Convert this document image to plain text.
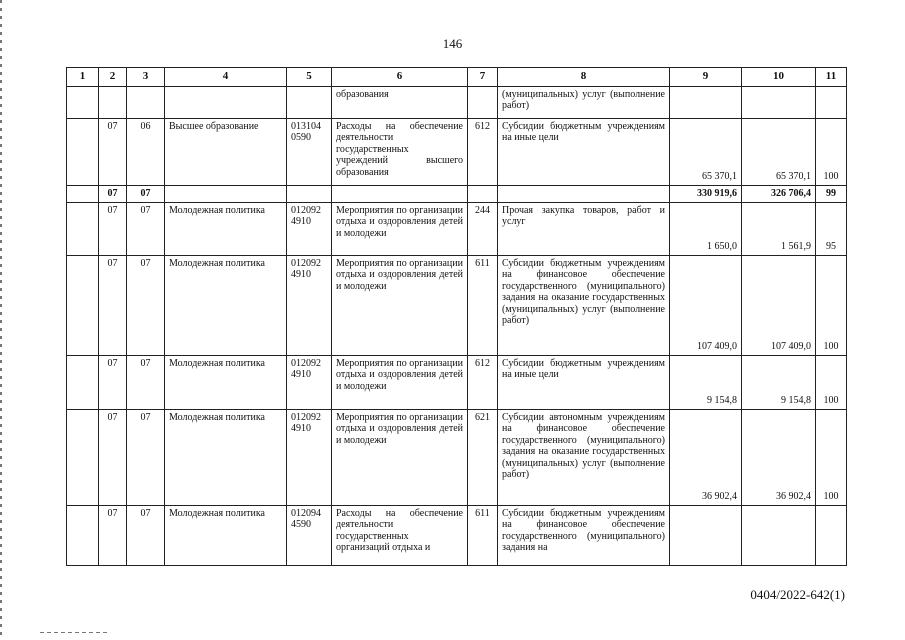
146
1	2	3	4	5	6	7	8	9	10	11
					образования		(муниципальных) услуг (выполнение работ)			
	07	06	Высшее образование	013104 0590	Расходы на обеспечение деятельности государственных учреждений высшего образования	612	Субсидии бюджетным учреждениям на иные цели	65 370,1	65 370,1	100
	07	07						330 919,6	326 706,4	99
	07	07	Молодежная политика	012092 4910	Мероприятия по организации отдыха и оздоровления детей и молодежи	244	Прочая закупка товаров, работ и услуг	1 650,0	1 561,9	95
	07	07	Молодежная политика	012092 4910	Мероприятия по организации отдыха и оздоровления детей и молодежи	611	Субсидии бюджетным учреждениям на финансовое обеспечение государственного (муниципального) задания на оказание государственных (муниципальных) услуг (выполнение работ)	107 409,0	107 409,0	100
	07	07	Молодежная политика	012092 4910	Мероприятия по организации отдыха и оздоровления детей и молодежи	612	Субсидии бюджетным учреждениям на иные цели	9 154,8	9 154,8	100
	07	07	Молодежная политика	012092 4910	Мероприятия по организации отдыха и оздоровления детей и молодежи	621	Субсидии автономным учреждениям на финансовое обеспечение государственного (муниципального) задания на оказание государственных (муниципальных) услуг (выполнение работ)	36 902,4	36 902,4	100
	07	07	Молодежная политика	012094 4590	Расходы на обеспечение деятельности государственных организаций отдыха и	611	Субсидии бюджетным учреждениям на финансовое обеспечение государственного (муниципального) задания на			
0404/2022-642(1)
